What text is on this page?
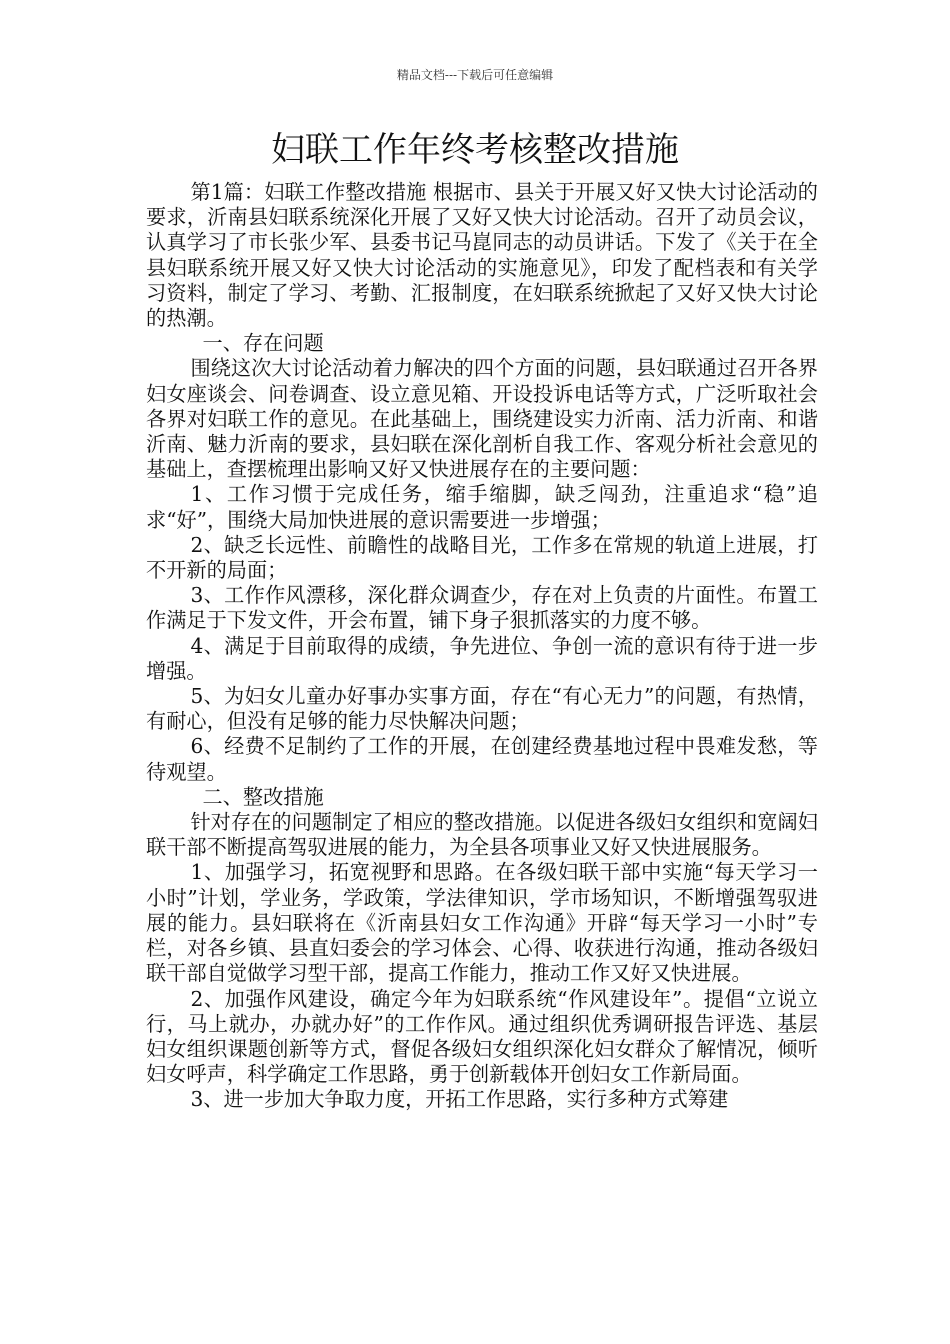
精品文档---下载后可任意编辑
妇联工作年终考核整改措施

第1篇：妇联工作整改措施 根据市、县关于开展又好又快大讨论活动的要求，沂南县妇联系统深化开展了又好又快大讨论活动。召开了动员会议，认真学习了市长张少军、县委书记马崑同志的动员讲话。下发了《关于在全县妇联系统开展又好又快大讨论活动的实施意见》，印发了配档表和有关学习资料，制定了学习、考勤、汇报制度，在妇联系统掀起了又好又快大讨论的热潮。

一、存在问题

围绕这次大讨论活动着力解决的四个方面的问题，县妇联通过召开各界妇女座谈会、问卷调查、设立意见箱、开设投诉电话等方式，广泛听取社会各界对妇联工作的意见。在此基础上，围绕建设实力沂南、活力沂南、和谐沂南、魅力沂南的要求，县妇联在深化剖析自我工作、客观分析社会意见的基础上，查摆梳理出影响又好又快进展存在的主要问题：

1、工作习惯于完成任务，缩手缩脚，缺乏闯劲，注重追求“稳”追求“好”，围绕大局加快进展的意识需要进一步增强；

2、缺乏长远性、前瞻性的战略目光，工作多在常规的轨道上进展，打不开新的局面；

3、工作作风漂移，深化群众调查少，存在对上负责的片面性。布置工作满足于下发文件，开会布置，铺下身子狠抓落实的力度不够。

4、满足于目前取得的成绩，争先进位、争创一流的意识有待于进一步增强。

5、为妇女儿童办好事办实事方面，存在“有心无力”的问题，有热情，有耐心，但没有足够的能力尽快解决问题；

6、经费不足制约了工作的开展，在创建经费基地过程中畏难发愁，等待观望。

二、整改措施

针对存在的问题制定了相应的整改措施。以促进各级妇女组织和宽阔妇联干部不断提高驾驭进展的能力，为全县各项事业又好又快进展服务。

1、加强学习，拓宽视野和思路。在各级妇联干部中实施“每天学习一小时”计划，学业务，学政策，学法律知识，学市场知识，不断增强驾驭进展的能力。县妇联将在《沂南县妇女工作沟通》开辟“每天学习一小时”专栏，对各乡镇、县直妇委会的学习体会、心得、收获进行沟通，推动各级妇联干部自觉做学习型干部，提高工作能力，推动工作又好又快进展。

2、加强作风建设，确定今年为妇联系统“作风建设年”。提倡“立说立行，马上就办，办就办好”的工作作风。通过组织优秀调研报告评选、基层妇女组织课题创新等方式，督促各级妇女组织深化妇女群众了解情况，倾听妇女呼声，科学确定工作思路，勇于创新载体开创妇女工作新局面。

3、进一步加大争取力度，开拓工作思路，实行多种方式筹建
